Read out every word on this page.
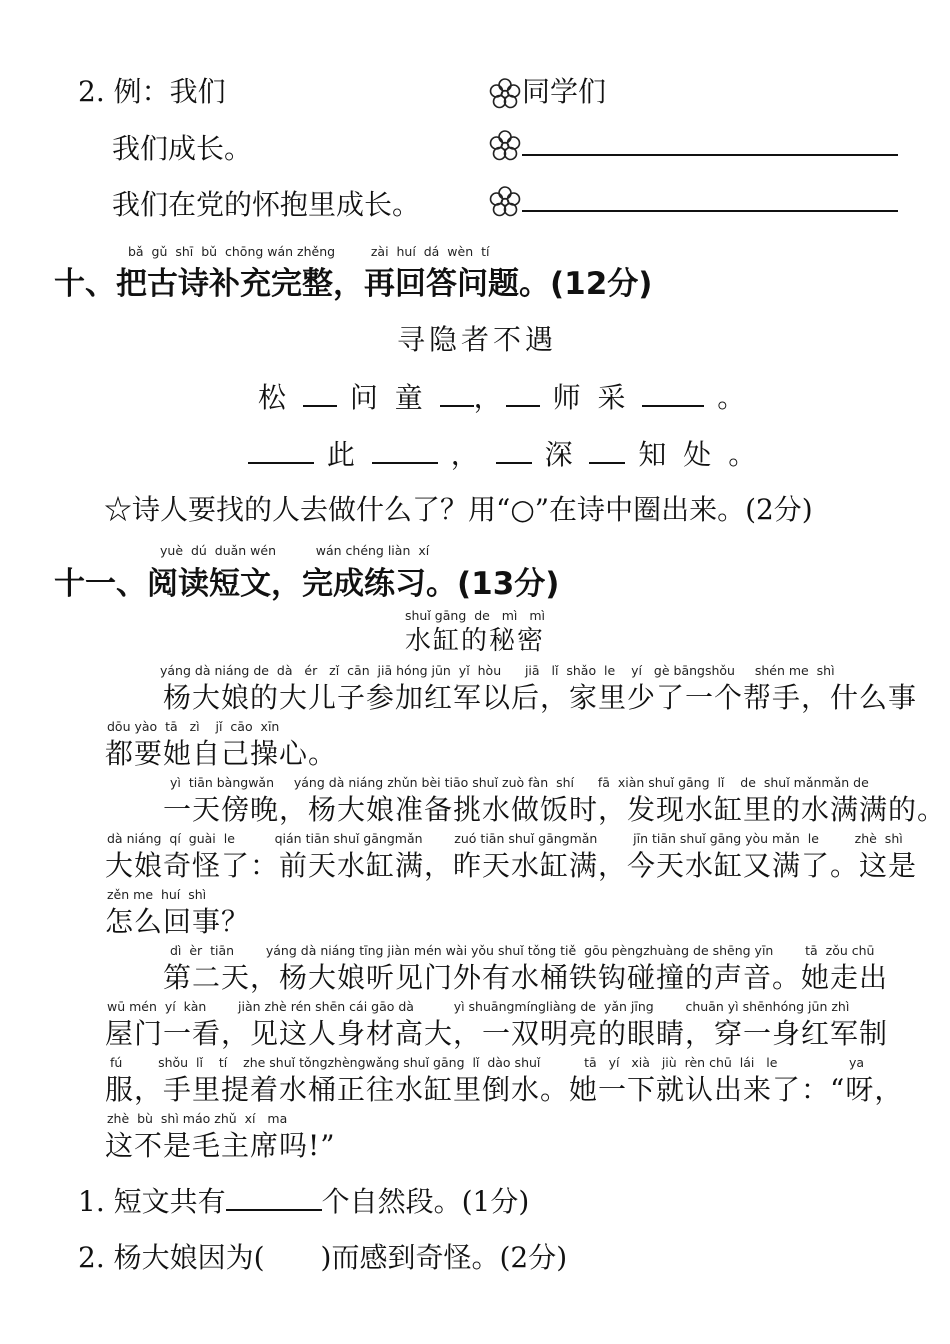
2. 例：我们	同学们
我们成长。
我们在党的怀抱里成长。
bǎ  gǔ  shī  bǔ  chōng wán zhěng         zài  huí  dá  wèn  tí
十、把古诗补充完整，再回答问题。(12分)
寻隐者不遇
松 问 童 ， 师 采	。
此	， 深 知 处 。
☆诗人要找的人去做什么了？用“○”在诗中圈出来。(2分)
yuè  dú  duǎn wén          wán chéng liàn  xí
十一、阅读短文，完成练习。(13分)
shuǐ gāng  de   mì   mì
水缸的秘密
yáng dà niáng de  dà   ér   zǐ  cān  jiā hóng jūn  yǐ  hòu      jiā   lǐ  shǎo  le    yí   gè bāngshǒu     shén me  shì
　　杨大娘的大儿子参加红军以后，家里少了一个帮手，什么事
dōu yào  tā   zì    jǐ  cāo  xīn
都要她自己操心。
yì  tiān bàngwǎn     yáng dà niáng zhǔn bèi tiāo shuǐ zuò fàn  shí      fā  xiàn shuǐ gāng  lǐ    de  shuǐ mǎnmǎn de
　　一天傍晚，杨大娘准备挑水做饭时，发现水缸里的水满满的。
dà niáng  qí  guài  le          qián tiān shuǐ gāngmǎn        zuó tiān shuǐ gāngmǎn         jīn tiān shuǐ gāng yòu mǎn  le         zhè  shì
大娘奇怪了：前天水缸满，昨天水缸满，今天水缸又满了。这是
zěn me  huí  shì
怎么回事？
dì  èr  tiān        yáng dà niáng tīng jiàn mén wài yǒu shuǐ tǒng tiě  gōu pèngzhuàng de shēng yīn        tā  zǒu chū
　　第二天，杨大娘听见门外有水桶铁钩碰撞的声音。她走出
wū mén  yí  kàn        jiàn zhè rén shēn cái gāo dà          yì shuāngmíngliàng de  yǎn jīng        chuān yì shēnhóng jūn zhì
屋门一看，见这人身材高大，一双明亮的眼睛，穿一身红军制
fú         shǒu  lǐ    tí    zhe shuǐ tǒngzhèngwǎng shuǐ gāng  lǐ  dào shuǐ           tā   yí   xià   jiù  rèn chū  lái   le                  ya
服，手里提着水桶正往水缸里倒水。她一下就认出来了：“呀，
zhè  bù  shì máo zhǔ  xí   ma
这不是毛主席吗!”
1. 短文共有	个自然段。(1分)
2. 杨大娘因为( )而感到奇怪。(2分)
